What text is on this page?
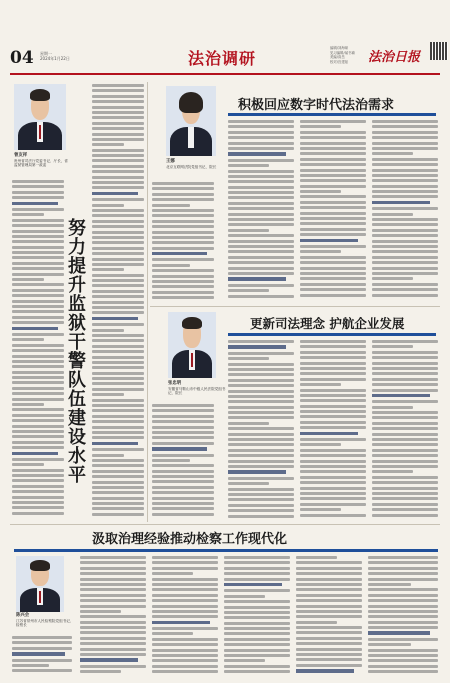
04 星期一
2024年1月22日	法治调研
编辑/刘海琛
见习编辑/郝书瑜
美编/高岳
校对/宫建茹	法治日报
曾友祥
贵州省司法厅党委书记、厅长，省监狱管理局第一政委
努力提升监狱干警队伍建设水平
王娜
北京互联网法院党组书记、院长
积极回应数字时代法治需求
张忠明
安徽省马鞍山市中级人民法院党组书记、院长
更新司法理念 护航企业发展
汲取治理经验推动检察工作现代化
陈兴会
江苏省常州市人民检察院党组书记、检察长
